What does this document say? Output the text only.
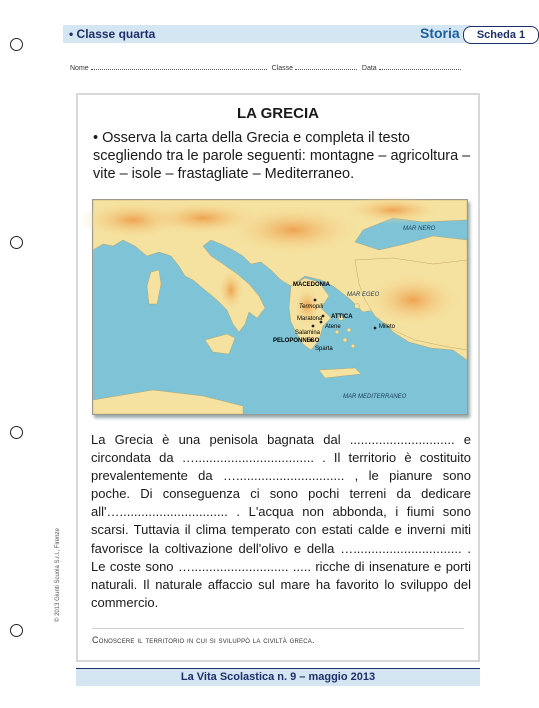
• Classe quarta	Storia	Scheda 1
Nome	Classe	Data
LA GRECIA
• Osserva la carta della Grecia e completa il testo scegliendo tra le parole seguenti: montagne – agricoltura – vite – isole – frastagliate – Mediterraneo.
MAR NERO
MACEDONIA
Termopili
MAR EGEO
Maratona ATTICA
Atene
Salamina
Mileto
PELOPONNESO
Sparta
MAR MEDITERRANEO

La Grecia è una penisola bagnata dal ............................. e circondata da …................................. . Il territorio è costituito prevalentemente da ….............................. , le pianure sono poche. Di conseguenza ci sono pochi terreni da dedicare all'….............................. . L'acqua non abbonda, i fiumi sono scarsi. Tuttavia il clima temperato con estati calde e inverni miti favorisce la coltivazione dell'olivo e della ….............................. . Le coste sono …........................... ..... ricche di insenature e porti naturali. Il naturale affaccio sul mare ha favorito lo sviluppo del commercio.

Conoscere il territorio in cui si sviluppò la civiltà greca.
© 2013 Giunti Scuola S.r.l., Firenze
La Vita Scolastica n. 9 – maggio 2013
